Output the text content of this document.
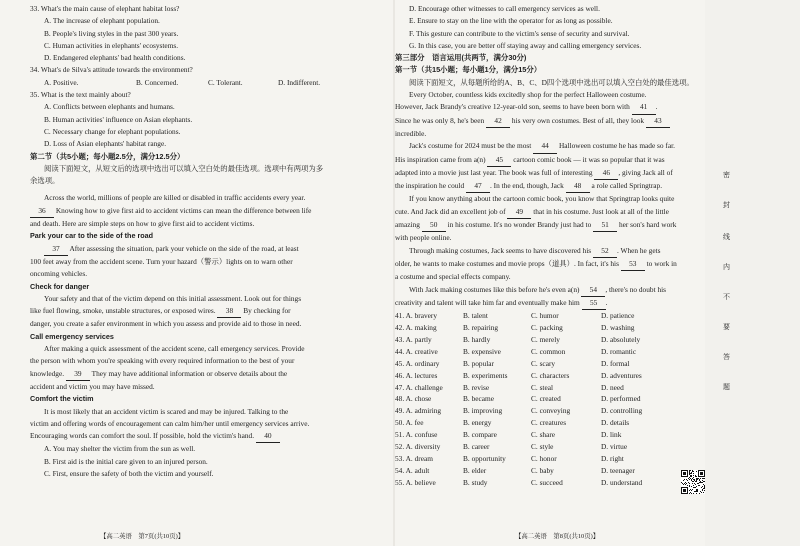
33. What's the main cause of elephant habitat loss?
A. The increase of elephant population.
B. People's living styles in the past 300 years.
C. Human activities in elephants' ecosystems.
D. Endangered elephants' bad health conditions.
34. What's de Silva's attitude towards the environment?
A. Positive.	B. Concerned.	C. Tolerant.	D. Indifferent.
35. What is the text mainly about?
A. Conflicts between elephants and humans.
B. Human activities' influence on Asian elephants.
C. Necessary change for elephant populations.
D. Loss of Asian elephants' habitat range.
第二节（共5小题；每小题2.5分，满分12.5分）
阅读下面短文，从短文后的选项中选出可以填入空白处的最佳选项。选项中有两项为多
余选项。
Across the world, millions of people are killed or disabled in traffic accidents every year.
36 Knowing how to give first aid to accident victims can mean the difference between life
and death. Here are simple steps on how to give first aid to accident victims.
Park your car to the side of the road
37 After assessing the situation, park your vehicle on the side of the road, at least
100 feet away from the accident scene. Turn your hazard（警示）lights on to warn other
oncoming vehicles.
Check for danger
Your safety and that of the victim depend on this initial assessment. Look out for things
like fuel flowing, smoke, unstable structures, or exposed wires. 38 By checking for
danger, you create a safer environment in which you assess and provide aid to those in need.
Call emergency services
After making a quick assessment of the accident scene, call emergency services. Provide
the person with whom you're speaking with every required information to the best of your
knowledge. 39 They may have additional information or observe details about the
accident and victim you may have missed.
Comfort the victim
It is most likely that an accident victim is scared and may be injured. Talking to the
victim and offering words of encouragement can calm him/her until emergency services arrive.
Encouraging words can comfort the soul. If possible, hold the victim's hand. 40
A. You may shelter the victim from the sun as well.
B. First aid is the initial care given to an injured person.
C. First, ensure the safety of both the victim and yourself.
【高二英语　第7页(共10页)】
D. Encourage other witnesses to call emergency services as well.
E. Ensure to stay on the line with the operator for as long as possible.
F. This gesture can contribute to the victim's sense of security and survival.
G. In this case, you are better off staying away and calling emergency services.
第三部分　语言运用(共两节，满分30分)
第一节（共15小题；每小题1分，满分15分）
阅读下面短文，从每题所给的A、B、C、D四个选项中选出可以填入空白处的最佳选项。
Every October, countless kids excitedly shop for the perfect Halloween costume.
However, Jack Brandy's creative 12-year-old son, seems to have been born with 41 .
Since he was only 8, he's been 42 his very own costumes. Best of all, they look 43
incredible.
Jack's costume for 2024 must be the most 44 Halloween costume he has made so far.
His inspiration came from a(n) 45 cartoon comic book — it was so popular that it was
adapted into a movie just last year. The book was full of interesting 46 , giving Jack all of
the inspiration he could 47 . In the end, though, Jack 48 a role called Springtrap.
If you know anything about the cartoon comic book, you know that Springtrap looks quite
cute. And Jack did an excellent job of 49 that in his costume. Just look at all of the little
amazing 50 in his costume. It's no wonder Brandy just had to 51 her son's hard work
with people online.
Through making costumes, Jack seems to have discovered his 52 . When he gets
older, he wants to make costumes and movie props（道具）. In fact, it's his 53 to work in
a costume and special effects company.
With Jack making costumes like this before he's even a(n) 54 , there's no doubt his
creativity and talent will take him far and eventually make him 55 .
41. A. bravery	B. talent	C. humor	D. patience
42. A. making	B. repairing	C. packing	D. washing
43. A. partly	B. hardly	C. merely	D. absolutely
44. A. creative	B. expensive	C. common	D. romantic
45. A. ordinary	B. popular	C. scary	D. formal
46. A. lectures	B. experiments	C. characters	D. adventures
47. A. challenge	B. revise	C. steal	D. need
48. A. chose	B. became	C. created	D. performed
49. A. admiring	B. improving	C. conveying	D. controlling
50. A. fee	B. energy	C. creatures	D. details
51. A. confuse	B. compare	C. share	D. link
52. A. diversity	B. career	C. style	D. virtue
53. A. dream	B. opportunity	C. honor	D. right
54. A. adult	B. elder	C. baby	D. teenager
55. A. believe	B. study	C. succeed	D. understand
【高二英语　第8页(共10页)】
密
封
线
内
不
要
答
题
